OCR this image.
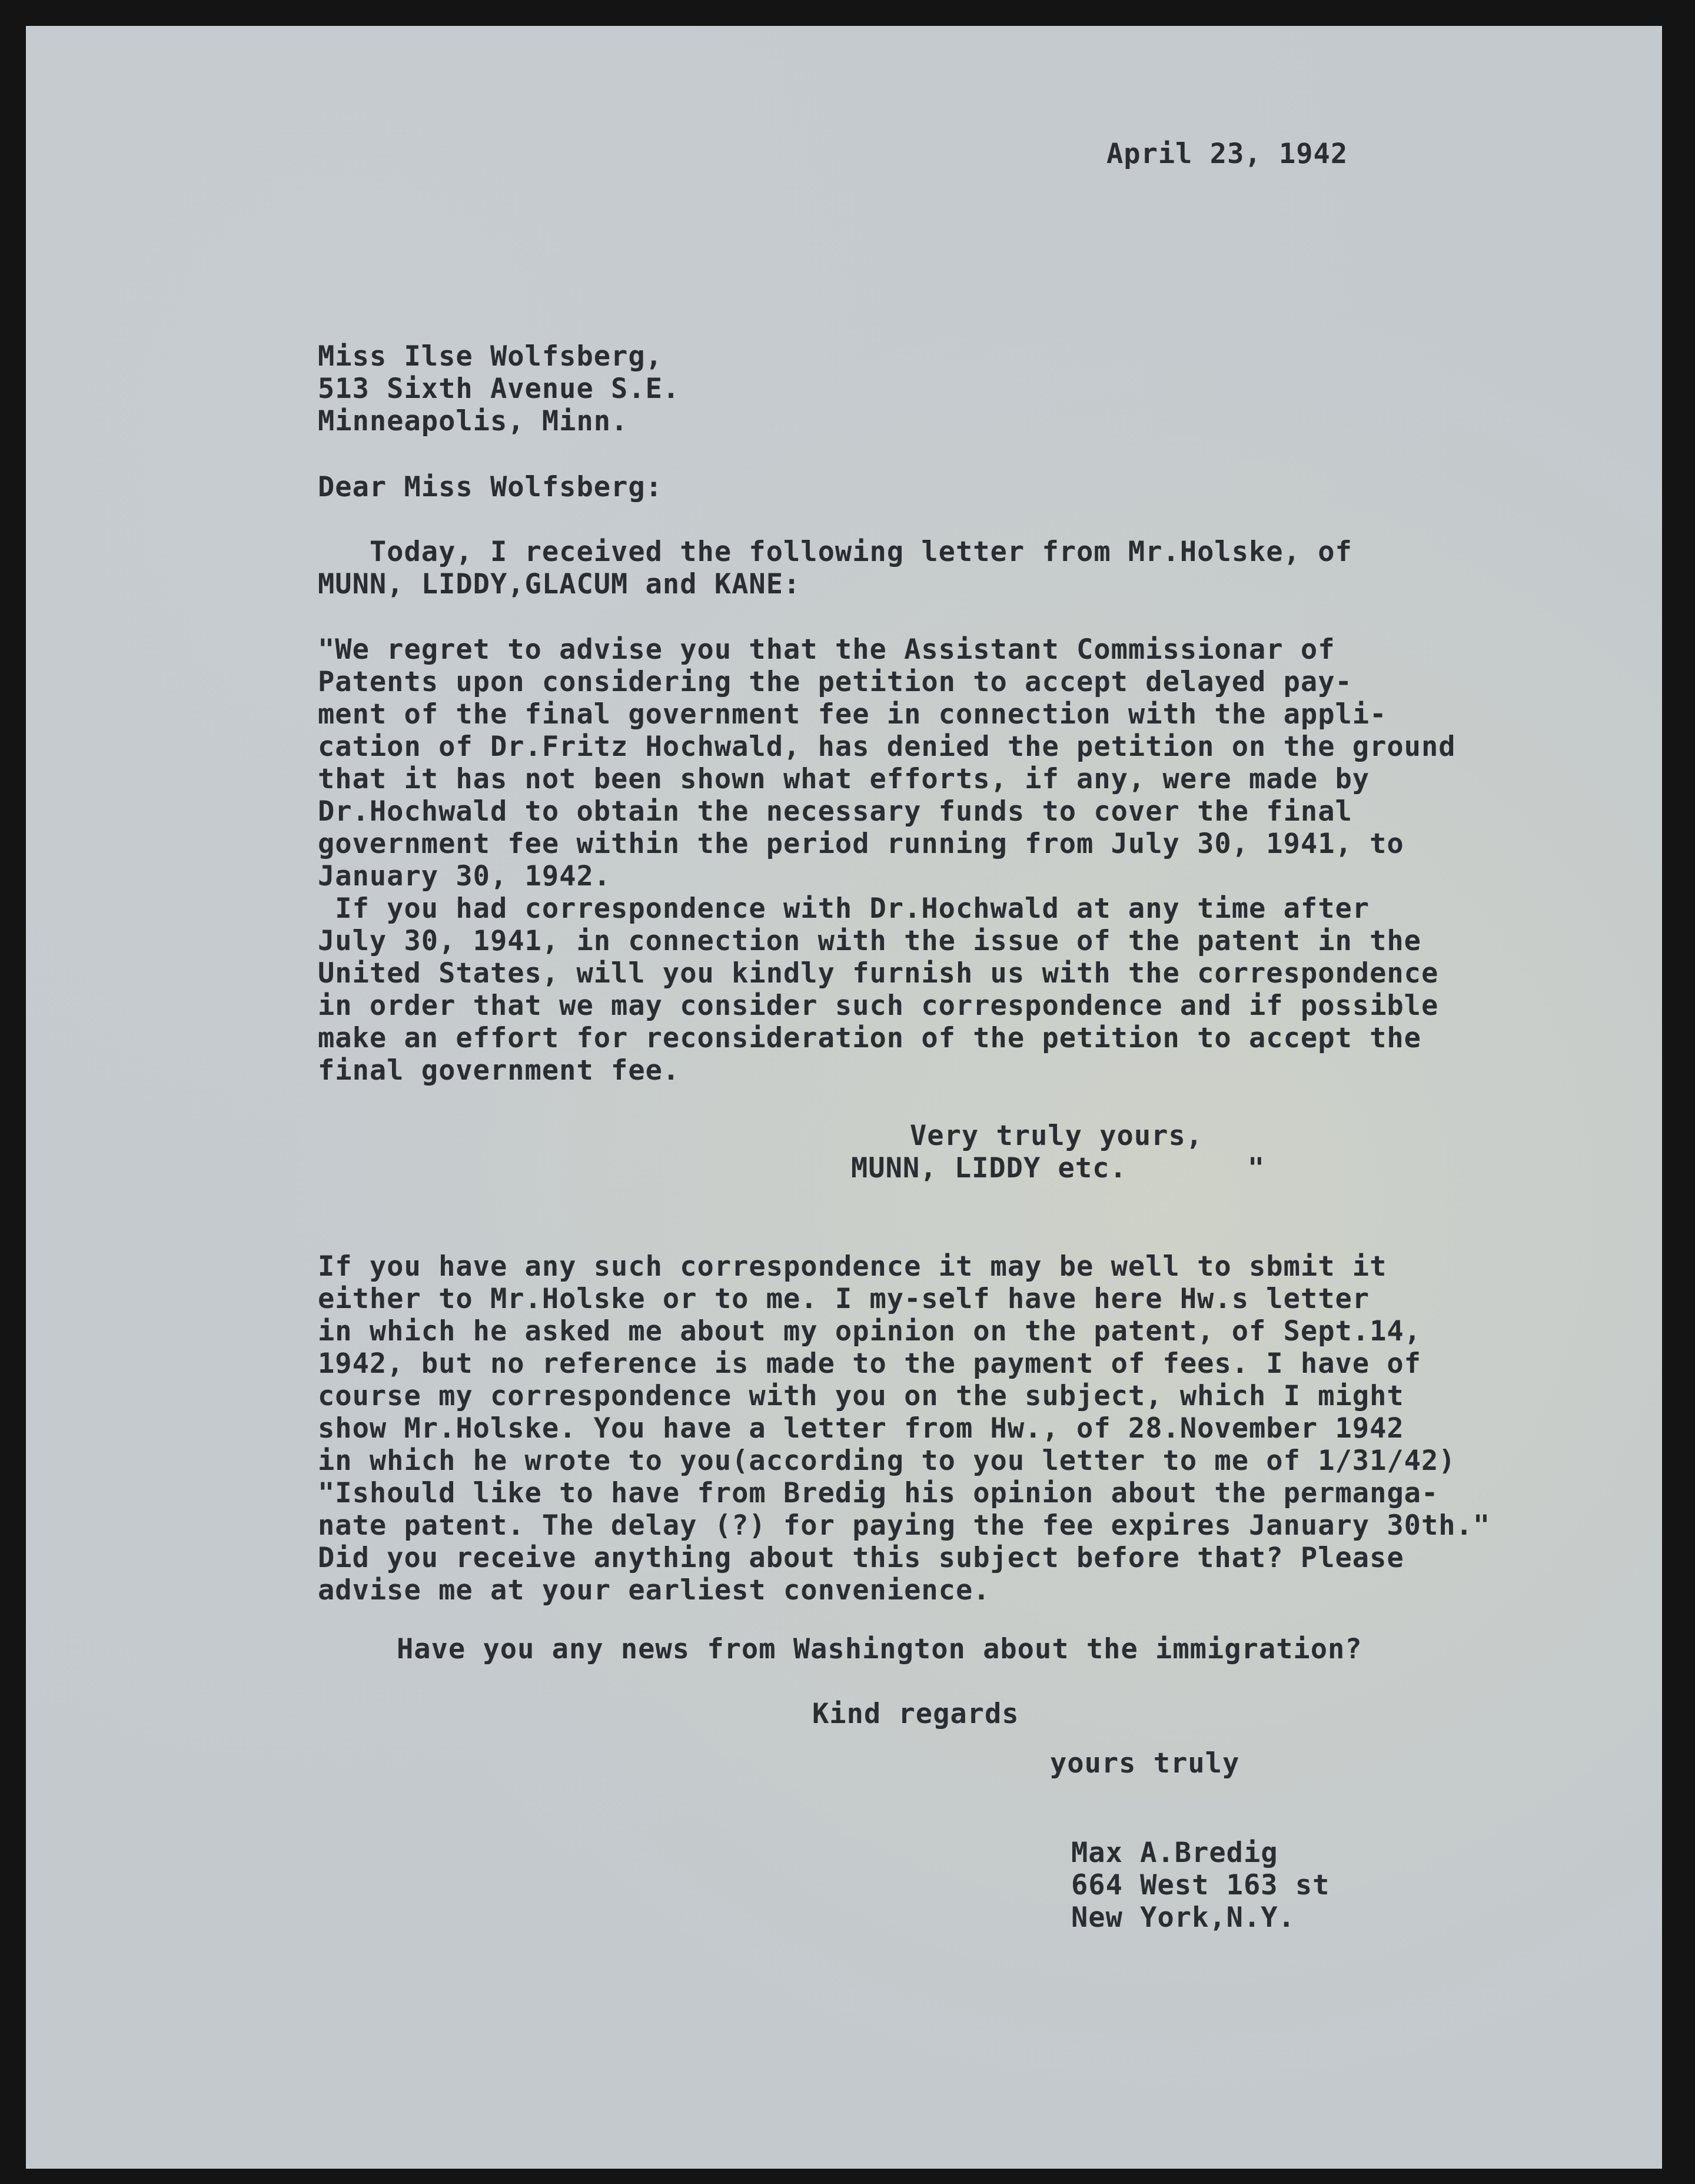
April 23, 1942

Miss Ilse Wolfsberg,

513 Sixth Avenue S.E.

Minneapolis, Minn.

Dear Miss Wolfsberg:

Today, I received the following letter from Mr.Holske, of

MUNN, LIDDY,GLACUM and KANE:

"We regret to advise you that the Assistant Commissionar of

Patents upon considering the petition to accept delayed pay-

ment of the final government fee in connection with the appli-

cation of Dr.Fritz Hochwald, has denied the petition on the ground

that it has not been shown what efforts, if any, were made by

Dr.Hochwald to obtain the necessary funds to cover the final

government fee within the period running from July 30, 1941, to

January 30, 1942.

If you had correspondence with Dr.Hochwald at any time after

July 30, 1941, in connection with the issue of the patent in the

United States, will you kindly furnish us with the correspondence

in order that we may consider such correspondence and if possible

make an effort for reconsideration of the petition to accept the

final government fee.

Very truly yours,

MUNN, LIDDY etc.       "

If you have any such correspondence it may be well to sbmit it

either to Mr.Holske or to me. I my-self have here Hw.s letter

in which he asked me about my opinion on the patent, of Sept.14,

1942, but no reference is made to the payment of fees. I have of

course my correspondence with you on the subject, which I might

show Mr.Holske. You have a letter from Hw., of 28.November 1942

in which he wrote to you(according to you letter to me of 1/31/42)

"Ishould like to have from Bredig his opinion about the permanga-

nate patent. The delay (?) for paying the fee expires January 30th."

Did you receive anything about this subject before that? Please

advise me at your earliest convenience.

Have you any news from Washington about the immigration?

Kind regards

yours truly

Max A.Bredig

664 West 163 st

New York,N.Y.
